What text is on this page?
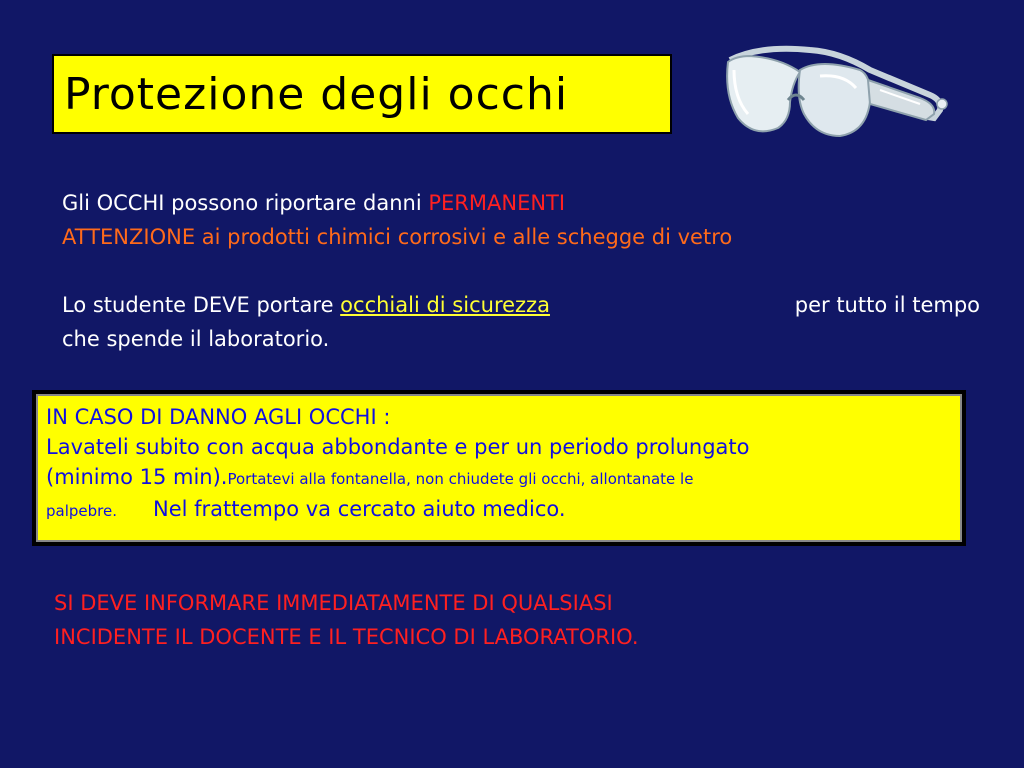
Protezione degli occhi
Gli OCCHI possono riportare danni PERMANENTI
ATTENZIONE ai prodotti chimici corrosivi e alle schegge di vetro
Lo studente DEVE portare occhiali di sicurezza	per tutto il tempo
che spende il laboratorio.
IN CASO DI DANNO AGLI OCCHI :
Lavateli subito con acqua abbondante e per un periodo prolungato
(minimo 15 min).Portatevi alla fontanella, non chiudete gli occhi, allontanate le
palpebre. Nel frattempo va cercato aiuto medico.
SI DEVE INFORMARE IMMEDIATAMENTE DI QUALSIASI
INCIDENTE IL DOCENTE E IL TECNICO DI LABORATORIO.
